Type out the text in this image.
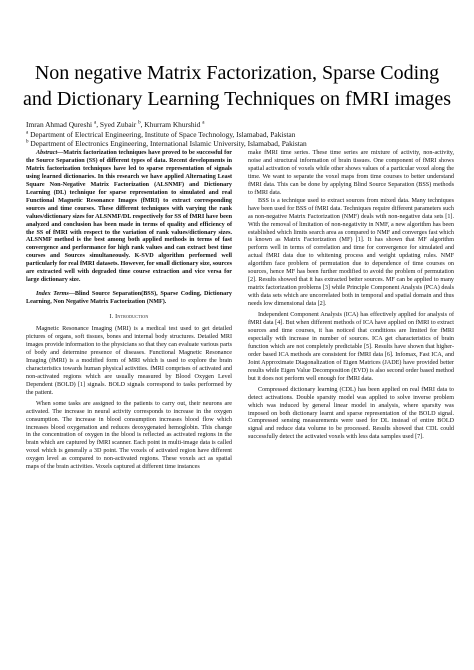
Non negative Matrix Factorization, Sparse Coding
and Dictionary Learning Techniques on fMRI images
Imran Ahmad Qureshi $^a$, Syed Zubair $^b$, Khurram Khurshid $^a$
$^a$ Department of Electrical Engineering, Institute of Space Technology, Islamabad, Pakistan
$^b$ Department of Electronics Engineering, International Islamic University, Islamabad, Pakistan

Abstract—Matrix factorization techniques have proved to be successful for the Source Separation (SS) of different types of data. Recent developments in Matrix factorization techniques have led to sparse representation of signals using learned dictionaries. In this research we have applied Alternating Least Square Non-Negative Matrix Factorization (ALSNMF) and Dictionary Learning (DL) technique for sparse representation to simulated and real Functional Magnetic Resonance Images (fMRI) to extract corresponding sources and time courses. These different techniques with varying the rank values/dictionary sizes for ALSNMF/DL respectively for SS of fMRI have been analyzed and conclusion has been made in terms of quality and efficiency of the SS of fMRI with respect to the variation of rank values/dictionary sizes. ALSNMF method is the best among both applied methods in terms of fast convergence and performance for high rank values and can extract best time courses and Sources simultaneously. K-SVD algorithm performed well particularly for real fMRI datasets. However, for small dictionary size, sources are extracted well with degraded time course extraction and vice versa for large dictionary size.

Index Terms—Blind Source Separation(BSS), Sparse Coding, Dictionary Learning, Non Negative Matrix Factorization (NMF).

I. Introduction

Magnetic Resonance Imaging (MRI) is a medical test used to get detailed pictures of organs, soft tissues, bones and internal body structures. Detailed MRI images provide information to the physicians so that they can evaluate various parts of body and determine presence of diseases. Functional Magnetic Resonance Imaging (fMRI) is a modified form of MRI which is used to explore the brain characteristics towards human physical activities. fMRI comprises of activated and non-activated regions which are usually measured by Blood Oxygen Level Dependent (BOLD) [1] signals. BOLD signals correspond to tasks performed by the patient.

When some tasks are assigned to the patients to carry out, their neurons are activated. The increase in neural activity corresponds to increase in the oxygen consumption. The increase in blood consumption increases blood flow which increases blood oxygenation and reduces deoxygenated hemoglobin. This change in the concentration of oxygen in the blood is reflected as activated regions in the brain which are captured by fMRI scanner. Each point in multi-image data is called voxel which is generally a 3D point. The voxels of activated region have different oxygen level as compared to non-activated regions. These voxels act as spatial maps of the brain activities. Voxels captured at different time instances

make fMRI time series. These time series are mixture of activity, non-activity, noise and structural information of brain tissues. One component of fMRI shows spatial activation of voxels while other shows values of a particular voxel along the time. We want to separate the voxel maps from time courses to better understand fMRI data. This can be done by applying Blind Source Separation (BSS) methods to fMRI data.

BSS is a technique used to extract sources from mixed data. Many techniques have been used for BSS of fMRI data. Techniques require different parameters such as non-negative Matrix Factorization (NMF) deals with non-negative data sets [1]. With the removal of limitation of non-negativity in NMF, a new algorithm has been established which limits search area as compared to NMF and converges fast which is known as Matrix Factorization (MF) [1]. It has shown that MF algorithm perform well in terms of correlation and time for convergence for simulated and actual fMRI data due to whitening process and weight updating rules. NMF algorithm face problem of permutation due to dependence of time courses on sources, hence MF has been further modified to avoid the problem of permutation [2]. Results showed that it has extracted better sources. MF can be applied to many matrix factorization problems [3] while Principle Component Analysis (PCA) deals with data sets which are uncorrelated both in temporal and spatial domain and thus needs low dimensional data [2].

Independent Component Analysis (ICA) has effectively applied for analysis of fMRI data [4]. But when different methods of ICA have applied on fMRI to extract sources and time courses, it has noticed that conditions are limited for fMRI especially with increase in number of sources. ICA get characteristics of brain function which are not completely predictable [5]. Results have shown that higher-order based ICA methods are consistent for fMRI data [6]. Infomax, Fast ICA, and Joint Approximate Diagonalization of Eigen Matrices (JADE) have provided better results while Eigen Value Decomposition (EVD) is also second order based method but it does not perform well enough for fMRI data.

Compressed dictionary learning (CDL) has been applied on real fMRI data to detect activations. Double sparsity model was applied to solve inverse problem which was induced by general linear model in analysis, where sparsity was imposed on both dictionary learnt and sparse representation of the BOLD signal. Compressed sensing measurements were used for DL instead of entire BOLD signal and reduce data volume to be processed. Results showed that CDL could successfully detect the activated voxels with less data samples used [7].
